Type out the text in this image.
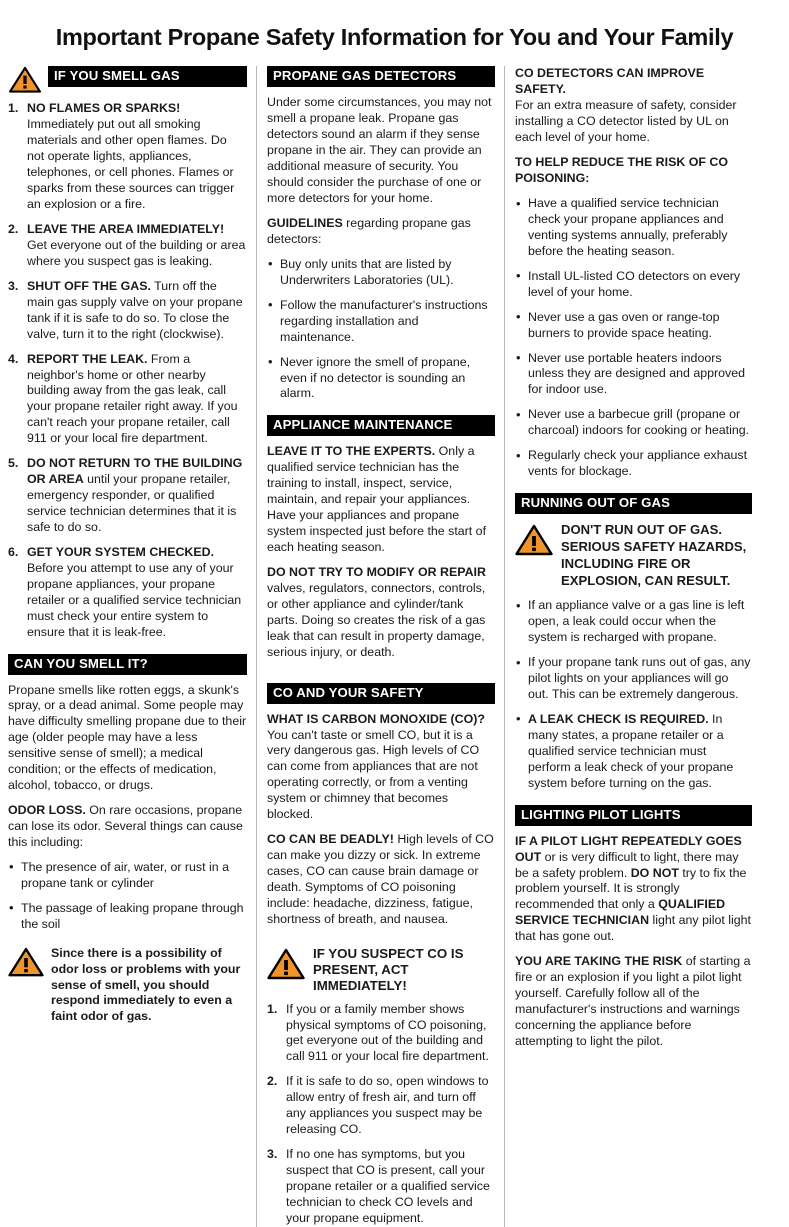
Important Propane Safety Information for You and Your Family
IF YOU SMELL GAS
NO FLAMES OR SPARKS! Immediately put out all smoking materials and other open flames. Do not operate lights, appliances, telephones, or cell phones. Flames or sparks from these sources can trigger an explosion or a fire.
LEAVE THE AREA IMMEDIATELY! Get everyone out of the building or area where you suspect gas is leaking.
SHUT OFF THE GAS. Turn off the main gas supply valve on your propane tank if it is safe to do so. To close the valve, turn it to the right (clockwise).
REPORT THE LEAK. From a neighbor's home or other nearby building away from the gas leak, call your propane retailer right away. If you can't reach your propane retailer, call 911 or your local fire department.
DO NOT RETURN TO THE BUILDING OR AREA until your propane retailer, emergency responder, or qualified service technician determines that it is safe to do so.
GET YOUR SYSTEM CHECKED. Before you attempt to use any of your propane appliances, your propane retailer or a qualified service technician must check your entire system to ensure that it is leak-free.
CAN YOU SMELL IT?

Propane smells like rotten eggs, a skunk's spray, or a dead animal. Some people may have difficulty smelling propane due to their age (older people may have a less sensitive sense of smell); a medical condition; or the effects of medication, alcohol, tobacco, or drugs.

ODOR LOSS. On rare occasions, propane can lose its odor. Several things can cause this including:

• The presence of air, water, or rust in a propane tank or cylinder
• The passage of leaking propane through the soil
Since there is a possibility of odor loss or problems with your sense of smell, you should respond immediately to even a faint odor of gas.
PROPANE GAS DETECTORS

Under some circumstances, you may not smell a propane leak. Propane gas detectors sound an alarm if they sense propane in the air. They can provide an additional measure of security. You should consider the purchase of one or more detectors for your home.

GUIDELINES regarding propane gas detectors:

• Buy only units that are listed by Underwriters Laboratories (UL).
• Follow the manufacturer's instructions regarding installation and maintenance.
• Never ignore the smell of propane, even if no detector is sounding an alarm.
APPLIANCE MAINTENANCE

LEAVE IT TO THE EXPERTS. Only a qualified service technician has the training to install, inspect, service, maintain, and repair your appliances. Have your appliances and propane system inspected just before the start of each heating season.

DO NOT TRY TO MODIFY OR REPAIR valves, regulators, connectors, controls, or other appliance and cylinder/tank parts. Doing so creates the risk of a gas leak that can result in property damage, serious injury, or death.

CO AND YOUR SAFETY

WHAT IS CARBON MONOXIDE (CO)?
You can't taste or smell CO, but it is a very dangerous gas. High levels of CO can come from appliances that are not operating correctly, or from a venting system or chimney that becomes blocked.

CO CAN BE DEADLY! High levels of CO can make you dizzy or sick. In extreme cases, CO can cause brain damage or death. Symptoms of CO poisoning include: headache, dizziness, fatigue, shortness of breath, and nausea.

IF YOU SUSPECT CO IS PRESENT, ACT IMMEDIATELY!
If you or a family member shows physical symptoms of CO poisoning, get everyone out of the building and call 911 or your local fire department.
If it is safe to do so, open windows to allow entry of fresh air, and turn off any appliances you suspect may be releasing CO.
If no one has symptoms, but you suspect that CO is present, call your propane retailer or a qualified service technician to check CO levels and your propane equipment.

CO DETECTORS CAN IMPROVE SAFETY.
For an extra measure of safety, consider installing a CO detector listed by UL on each level of your home.

TO HELP REDUCE THE RISK OF CO POISONING:

• Have a qualified service technician check your propane appliances and venting systems annually, preferably before the heating season.
• Install UL-listed CO detectors on every level of your home.
• Never use a gas oven or range-top burners to provide space heating.
• Never use portable heaters indoors unless they are designed and approved for indoor use.
• Never use a barbecue grill (propane or charcoal) indoors for cooking or heating.
• Regularly check your appliance exhaust vents for blockage.
RUNNING OUT OF GAS
DON'T RUN OUT OF GAS. SERIOUS SAFETY HAZARDS, INCLUDING FIRE OR EXPLOSION, CAN RESULT.
• If an appliance valve or a gas line is left open, a leak could occur when the system is recharged with propane.
• If your propane tank runs out of gas, any pilot lights on your appliances will go out. This can be extremely dangerous.
• A LEAK CHECK IS REQUIRED. In many states, a propane retailer or a qualified service technician must perform a leak check of your propane system before turning on the gas.
LIGHTING PILOT LIGHTS

IF A PILOT LIGHT REPEATEDLY GOES OUT or is very difficult to light, there may be a safety problem. DO NOT try to fix the problem yourself. It is strongly recommended that only a QUALIFIED SERVICE TECHNICIAN light any pilot light that has gone out.

YOU ARE TAKING THE RISK of starting a fire or an explosion if you light a pilot light yourself. Carefully follow all of the manufacturer's instructions and warnings concerning the appliance before attempting to light the pilot.
